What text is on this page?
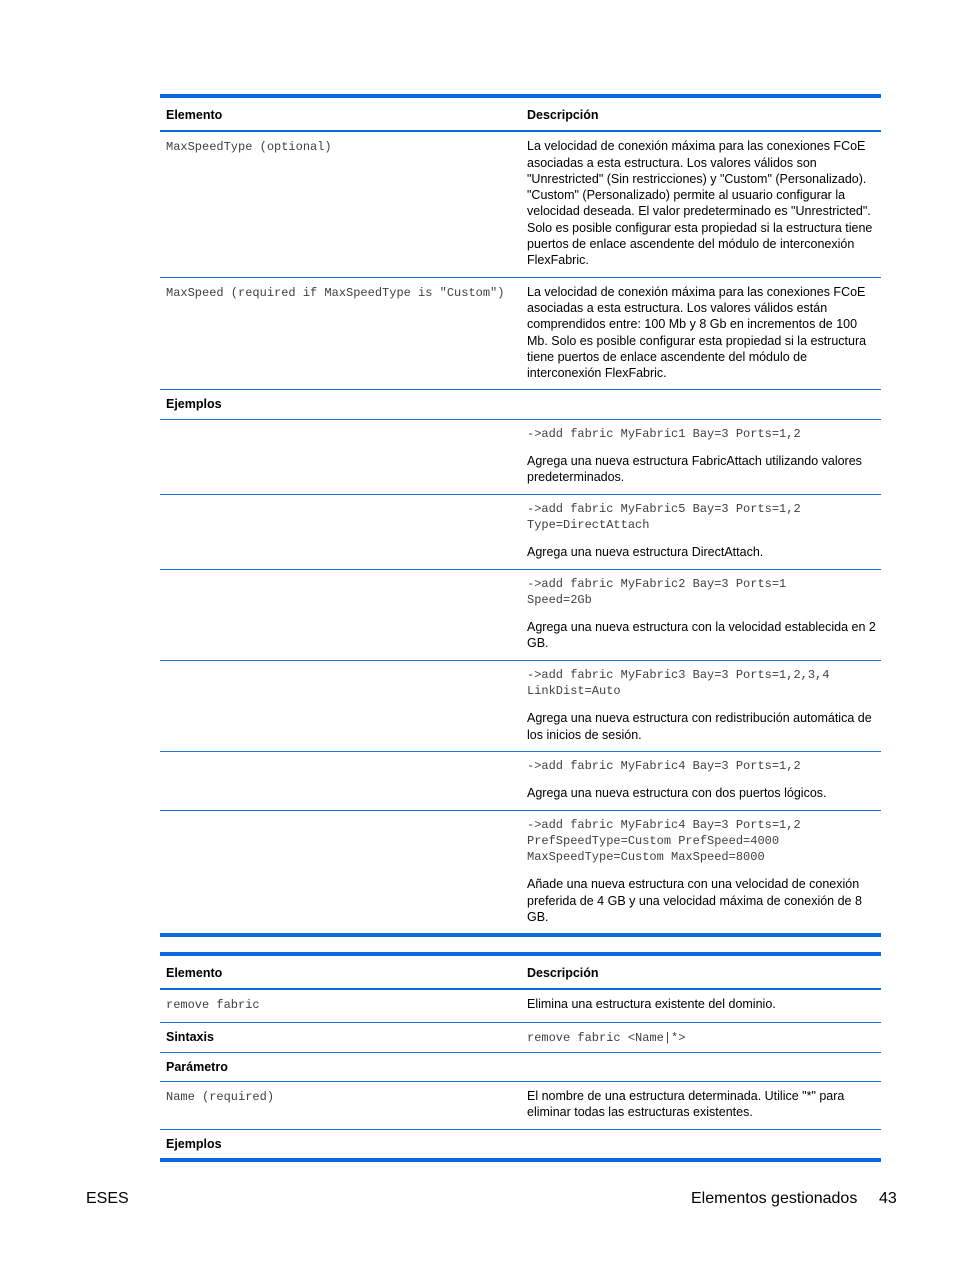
Elemento	Descripción
MaxSpeedType (optional)	La velocidad de conexión máxima para las conexiones FCoE asociadas a esta estructura. Los valores válidos son "Unrestricted" (Sin restricciones) y "Custom" (Personalizado). "Custom" (Personalizado) permite al usuario configurar la velocidad deseada. El valor predeterminado es "Unrestricted". Solo es posible configurar esta propiedad si la estructura tiene puertos de enlace ascendente del módulo de interconexión FlexFabric.
MaxSpeed (required if MaxSpeedType is "Custom")	La velocidad de conexión máxima para las conexiones FCoE asociadas a esta estructura. Los valores válidos están comprendidos entre: 100 Mb y 8 Gb en incrementos de 100 Mb. Solo es posible configurar esta propiedad si la estructura tiene puertos de enlace ascendente del módulo de interconexión FlexFabric.
Ejemplos	

	->add fabric MyFabric1 Bay=3 Ports=1,2
Agrega una nueva estructura FabricAttach utilizando valores predeterminados.

	->add fabric MyFabric5 Bay=3 Ports=1,2
Type=DirectAttach
Agrega una nueva estructura DirectAttach.

	->add fabric MyFabric2 Bay=3 Ports=1
Speed=2Gb
Agrega una nueva estructura con la velocidad establecida en 2 GB.

	->add fabric MyFabric3 Bay=3 Ports=1,2,3,4
LinkDist=Auto
Agrega una nueva estructura con redistribución automática de los inicios de sesión.

	->add fabric MyFabric4 Bay=3 Ports=1,2
Agrega una nueva estructura con dos puertos lógicos.

	->add fabric MyFabric4 Bay=3 Ports=1,2
PrefSpeedType=Custom PrefSpeed=4000
MaxSpeedType=Custom MaxSpeed=8000
Añade una nueva estructura con una velocidad de conexión preferida de 4 GB y una velocidad máxima de conexión de 8 GB.

Elemento	Descripción
remove fabric	Elimina una estructura existente del dominio.
Sintaxis	remove fabric <Name|*>
Parámetro	
Name (required)	El nombre de una estructura determinada. Utilice "*" para eliminar todas las estructuras existentes.
Ejemplos	

ESES	Elementos gestionados 43
